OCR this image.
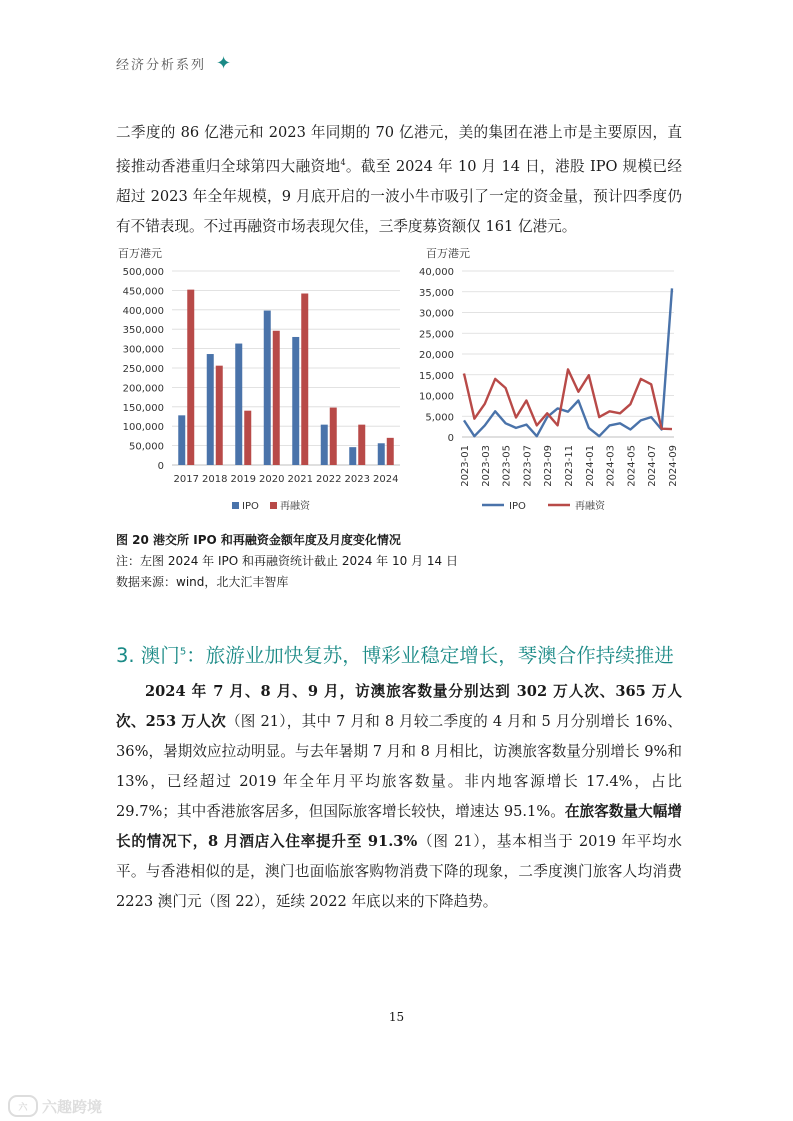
经济分析系列 ✦

二季度的 86 亿港元和 2023 年同期的 70 亿港元，美的集团在港上市是主要原因，直接推动香港重归全球第四大融资地$^4$。截至 2024 年 10 月 14 日，港股 IPO 规模已经超过 2023 年全年规模，9 月底开启的一波小牛市吸引了一定的资金量，预计四季度仍有不错表现。不过再融资市场表现欠佳，三季度募资额仅 161 亿港元。

百万港元
0
50,000
100,000
150,000
200,000
250,000
300,000
350,000
400,000
450,000
500,000
2017 2018 2019 2020 2021 2022 2023 2024
IPO 再融资
百万港元
0
5,000
10,000
15,000
20,000
25,000
30,000
35,000
40,000
2023-01 2023-03 2023-05 2023-07 2023-09 2023-11 2024-01 2024-03 2024-05 2024-07 2024-09
IPO	再融资
图 20 港交所 IPO 和再融资金额年度及月度变化情况
注：左图 2024 年 IPO 和再融资统计截止 2024 年 10 月 14 日
数据来源：wind，北大汇丰智库
3. 澳门$^5$：旅游业加快复苏，博彩业稳定增长，琴澳合作持续推进

2024 年 7 月、8 月、9 月，访澳旅客数量分别达到 302 万人次、365 万人次、253 万人次（图 21），其中 7 月和 8 月较二季度的 4 月和 5 月分别增长 16%、36%，暑期效应拉动明显。与去年暑期 7 月和 8 月相比，访澳旅客数量分别增长 9%和 13%，已经超过 2019 年全年月平均旅客数量。非内地客源增长 17.4%，占比 29.7%；其中香港旅客居多，但国际旅客增长较快，增速达 95.1%。在旅客数量大幅增长的情况下，8 月酒店入住率提升至 91.3%（图 21），基本相当于 2019 年平均水平。与香港相似的是，澳门也面临旅客购物消费下降的现象，二季度澳门旅客人均消费 2223 澳门元（图 22），延续 2022 年底以来的下降趋势。

15
六 六趣跨境
